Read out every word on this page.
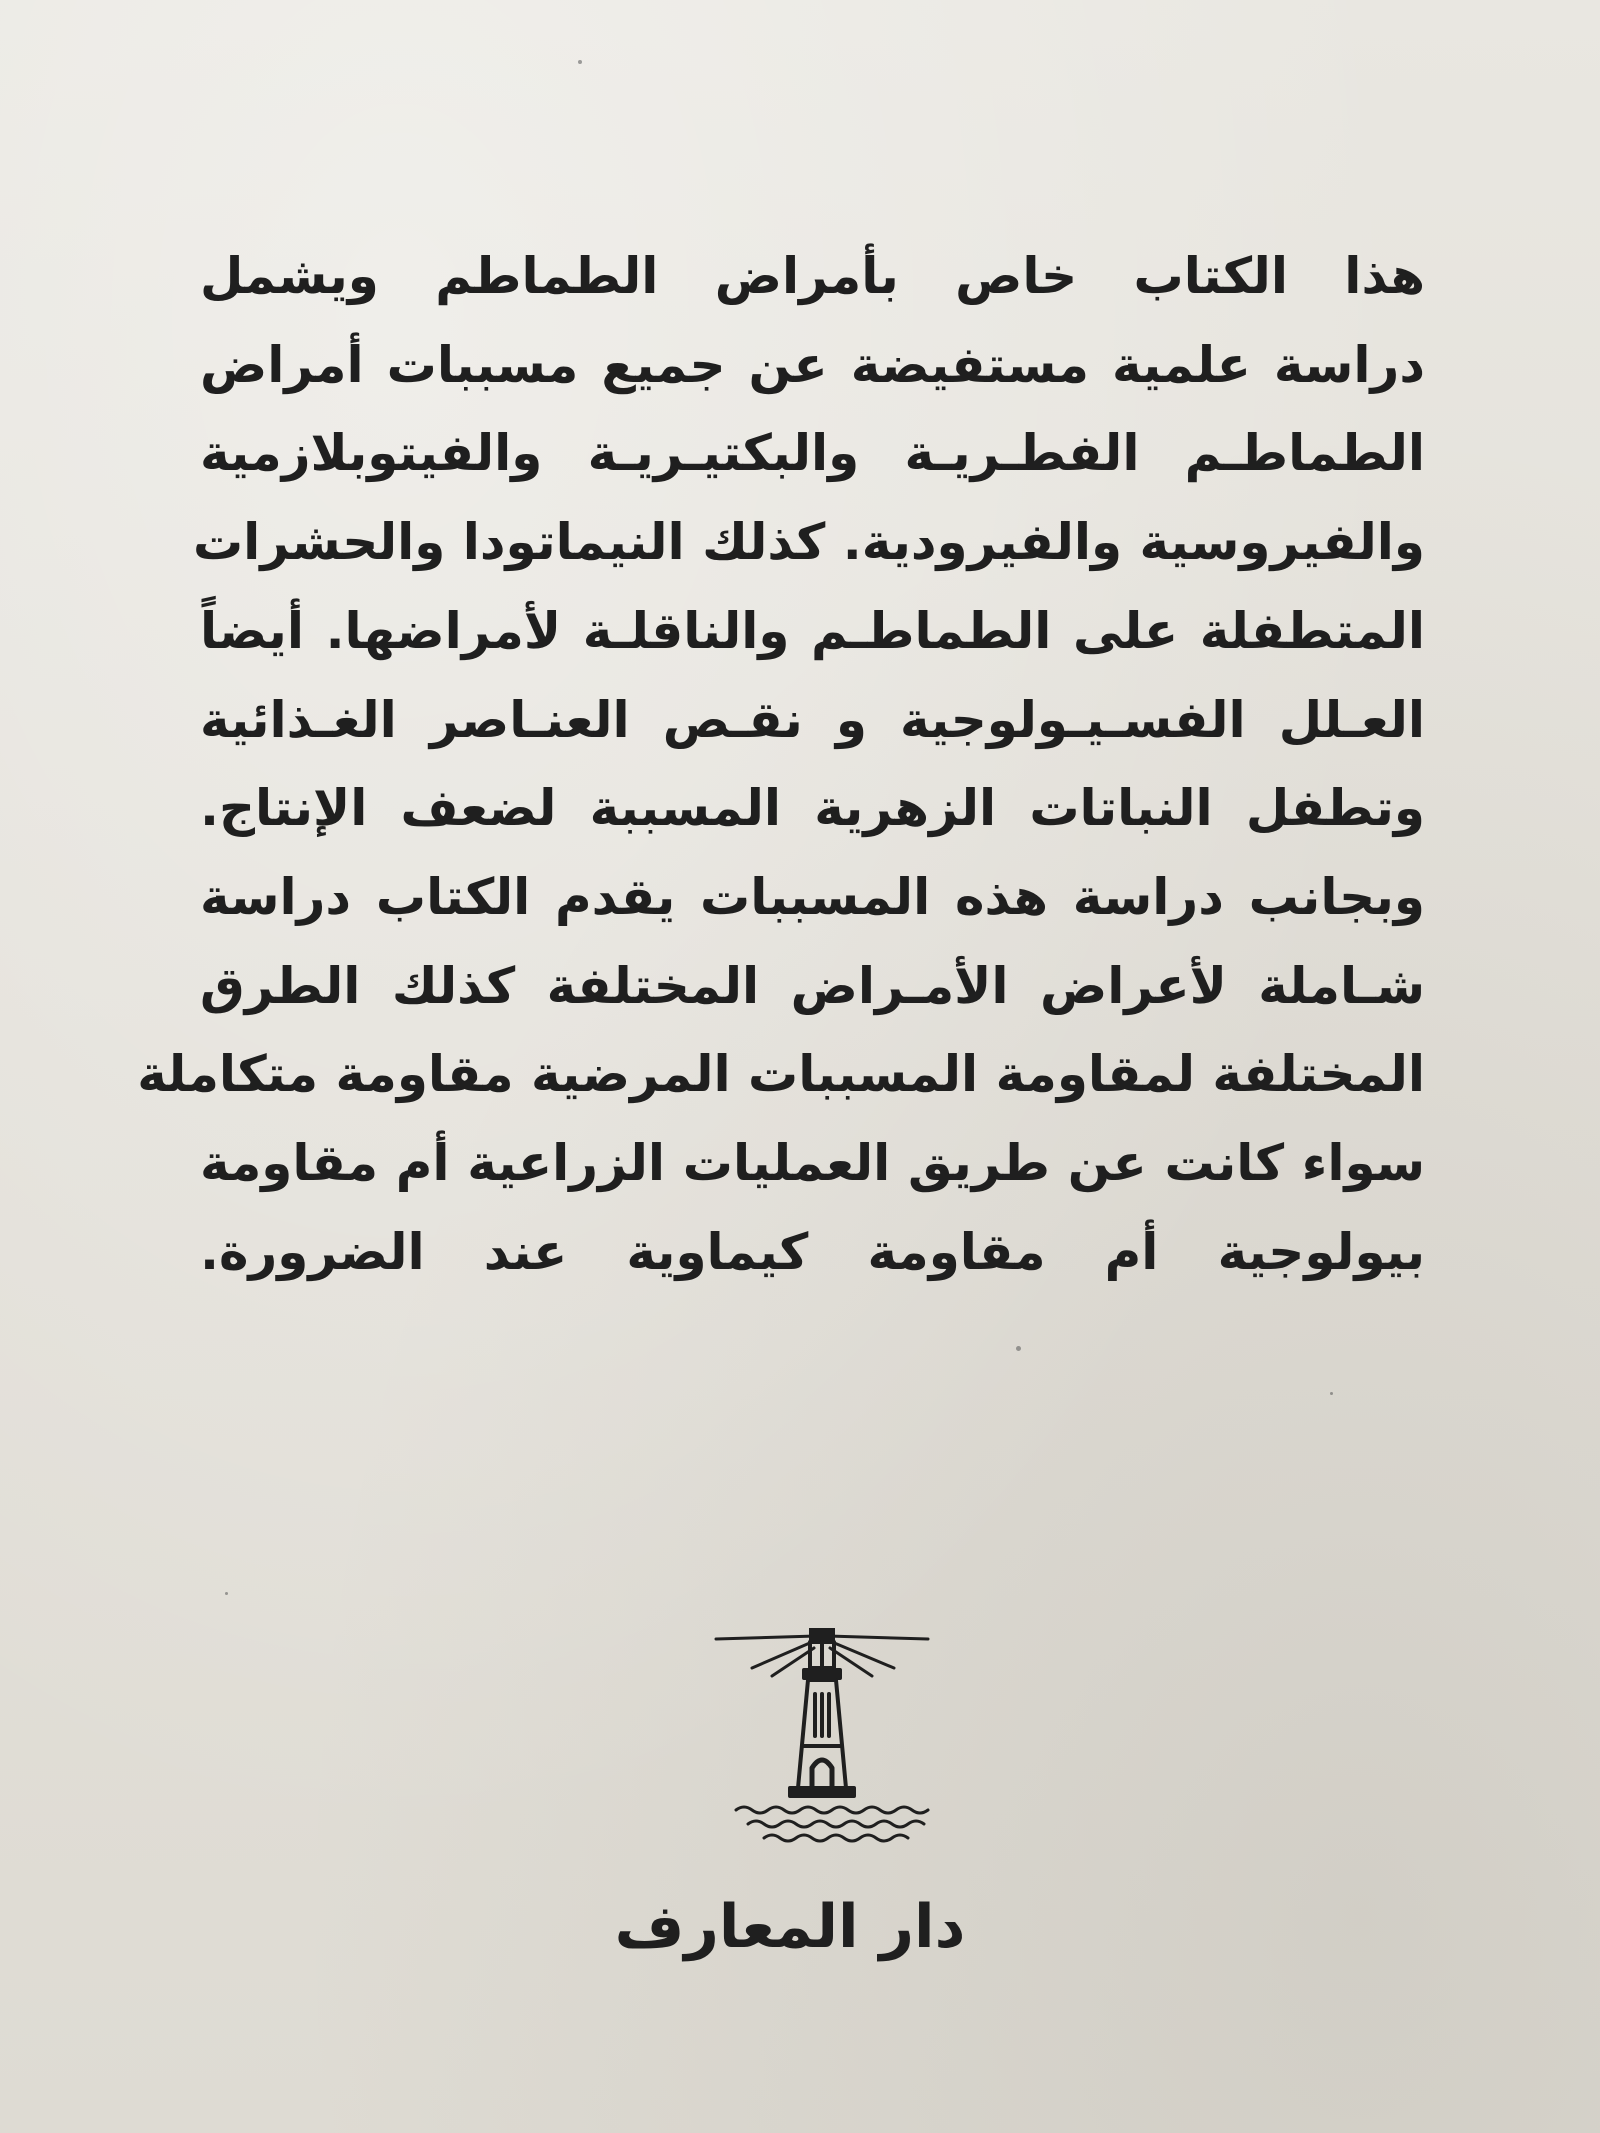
هذا الكتاب خاص بأمراض الطماطم ويشمل
دراسة علمية مستفيضة عن جميع مسببات أمراض
الطماطـم الفطـريـة والبكتيـريـة والفيتوبلازمية
والفيروسية والفيرودية. كذلك النيماتودا والحشرات
المتطفلة على الطماطـم والناقلـة لأمراضها. أيضاً
العـلل الفسـيـولوجية و نقـص العنـاصر الغـذائية
وتطفل النباتات الزهرية المسببة لضعف الإنتاج.
وبجانب دراسة هذه المسببات يقدم الكتاب دراسة
شـاملة لأعراض الأمـراض المختلفة كذلك الطرق
المختلفة لمقاومة المسببات المرضية مقاومة متكاملة
سواء كانت عن طريق العمليات الزراعية أم مقاومة
بيولوجية أم مقاومة كيماوية عند الضرورة.
دار المعارف
